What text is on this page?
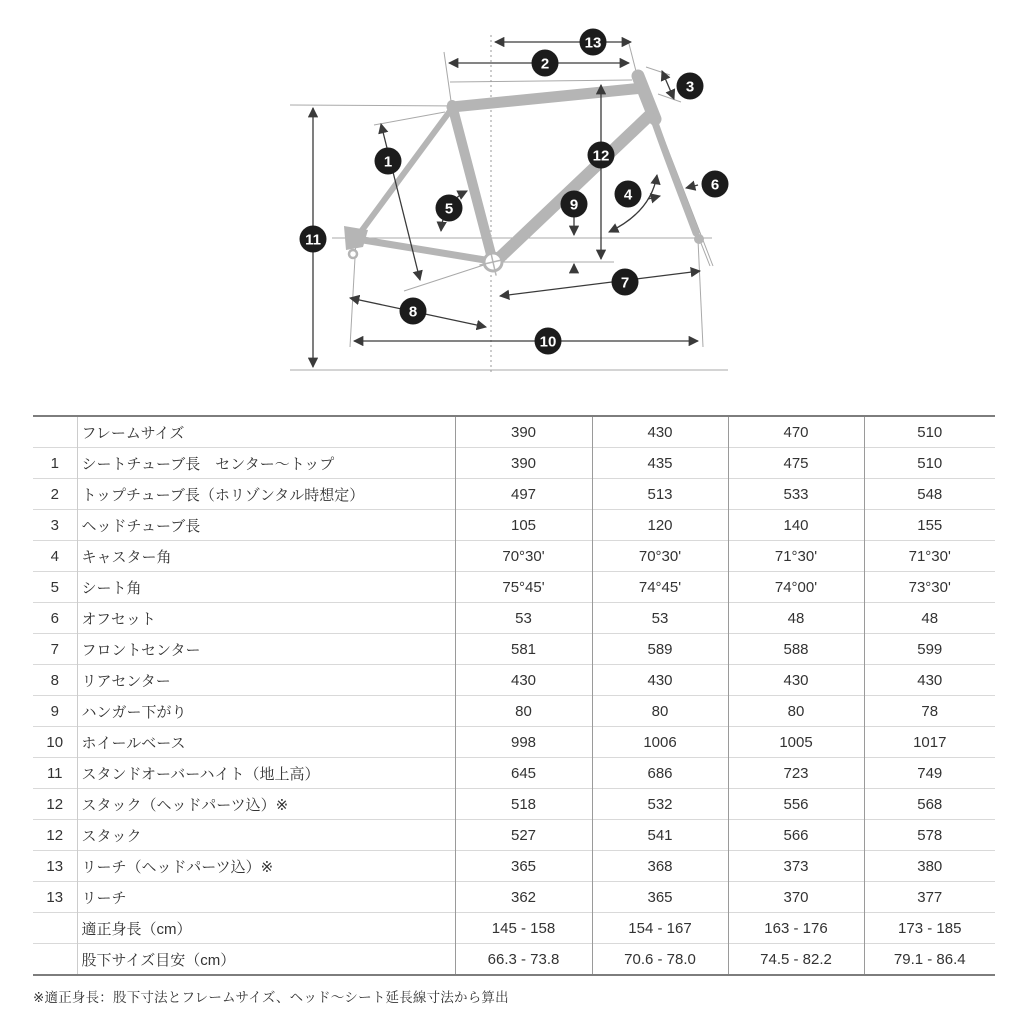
1
2
3
4
5
6
7
8
9
10
11
12
13
	フレームサイズ	390	430	470	510
1	シートチューブ長　センター〜トップ	390	435	475	510
2	トップチューブ長（ホリゾンタル時想定）	497	513	533	548
3	ヘッドチューブ長	105	120	140	155
4	キャスター角	70°30'	70°30'	71°30'	71°30'
5	シート角	75°45'	74°45'	74°00'	73°30'
6	オフセット	53	53	48	48
7	フロントセンター	581	589	588	599
8	リアセンター	430	430	430	430
9	ハンガー下がり	80	80	80	78
10	ホイールベース	998	1006	1005	1017
11	スタンドオーバーハイト（地上高）	645	686	723	749
12	スタック（ヘッドパーツ込）※	518	532	556	568
12	スタック	527	541	566	578
13	リーチ（ヘッドパーツ込）※	365	368	373	380
13	リーチ	362	365	370	377
	適正身長（cm）	145 - 158	154 - 167	163 - 176	173 - 185
	股下サイズ目安（cm）	66.3 - 73.8	70.6 - 78.0	74.5 - 82.2	79.1 - 86.4
※適正身長：股下寸法とフレームサイズ、ヘッド〜シート延長線寸法から算出
